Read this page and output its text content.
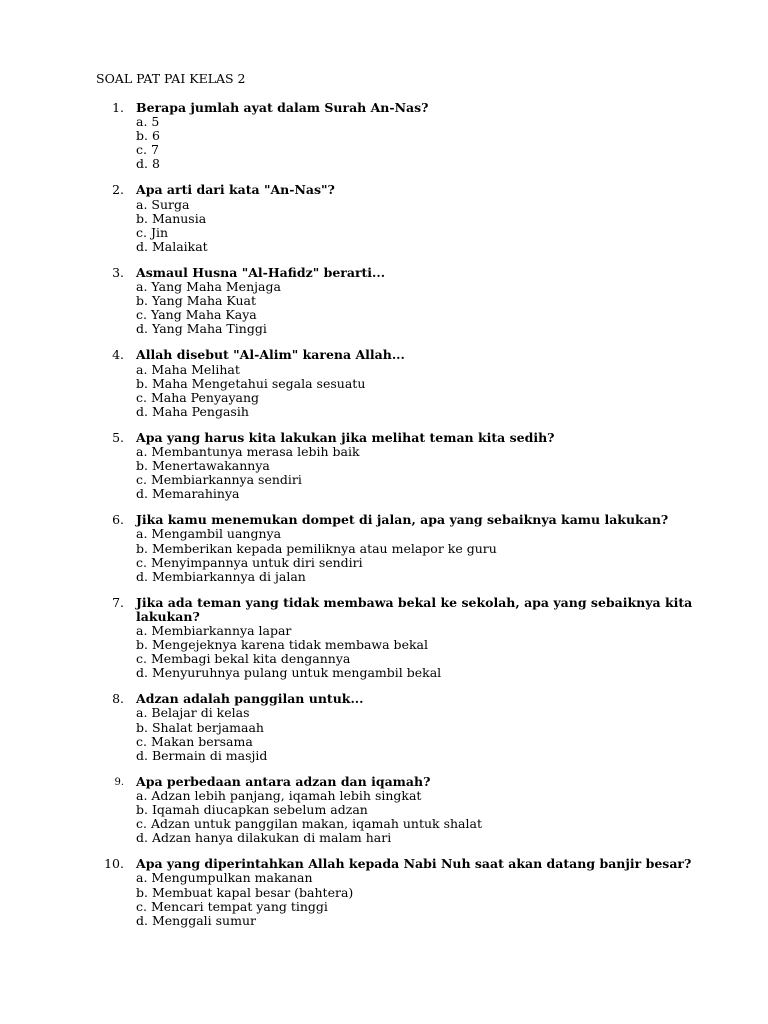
SOAL PAT PAI KELAS 2
1. Berapa jumlah ayat dalam Surah An-Nas?
a. 5
b. 6
c. 7
d. 8
2. Apa arti dari kata "An-Nas"?
a. Surga
b. Manusia
c. Jin
d. Malaikat
3. Asmaul Husna "Al-Hafidz" berarti...
a. Yang Maha Menjaga
b. Yang Maha Kuat
c. Yang Maha Kaya
d. Yang Maha Tinggi
4. Allah disebut "Al-Alim" karena Allah...
a. Maha Melihat
b. Maha Mengetahui segala sesuatu
c. Maha Penyayang
d. Maha Pengasih
5. Apa yang harus kita lakukan jika melihat teman kita sedih?
a. Membantunya merasa lebih baik
b. Menertawakannya
c. Membiarkannya sendiri
d. Memarahinya
6. Jika kamu menemukan dompet di jalan, apa yang sebaiknya kamu lakukan?
a. Mengambil uangnya
b. Memberikan kepada pemiliknya atau melapor ke guru
c. Menyimpannya untuk diri sendiri
d. Membiarkannya di jalan
7. Jika ada teman yang tidak membawa bekal ke sekolah, apa yang sebaiknya kita
lakukan?
a. Membiarkannya lapar
b. Mengejeknya karena tidak membawa bekal
c. Membagi bekal kita dengannya
d. Menyuruhnya pulang untuk mengambil bekal
8. Adzan adalah panggilan untuk...
a. Belajar di kelas
b. Shalat berjamaah
c. Makan bersama
d. Bermain di masjid
9. Apa perbedaan antara adzan dan iqamah?
a. Adzan lebih panjang, iqamah lebih singkat
b. Iqamah diucapkan sebelum adzan
c. Adzan untuk panggilan makan, iqamah untuk shalat
d. Adzan hanya dilakukan di malam hari
10. Apa yang diperintahkan Allah kepada Nabi Nuh saat akan datang banjir besar?
a. Mengumpulkan makanan
b. Membuat kapal besar (bahtera)
c. Mencari tempat yang tinggi
d. Menggali sumur
